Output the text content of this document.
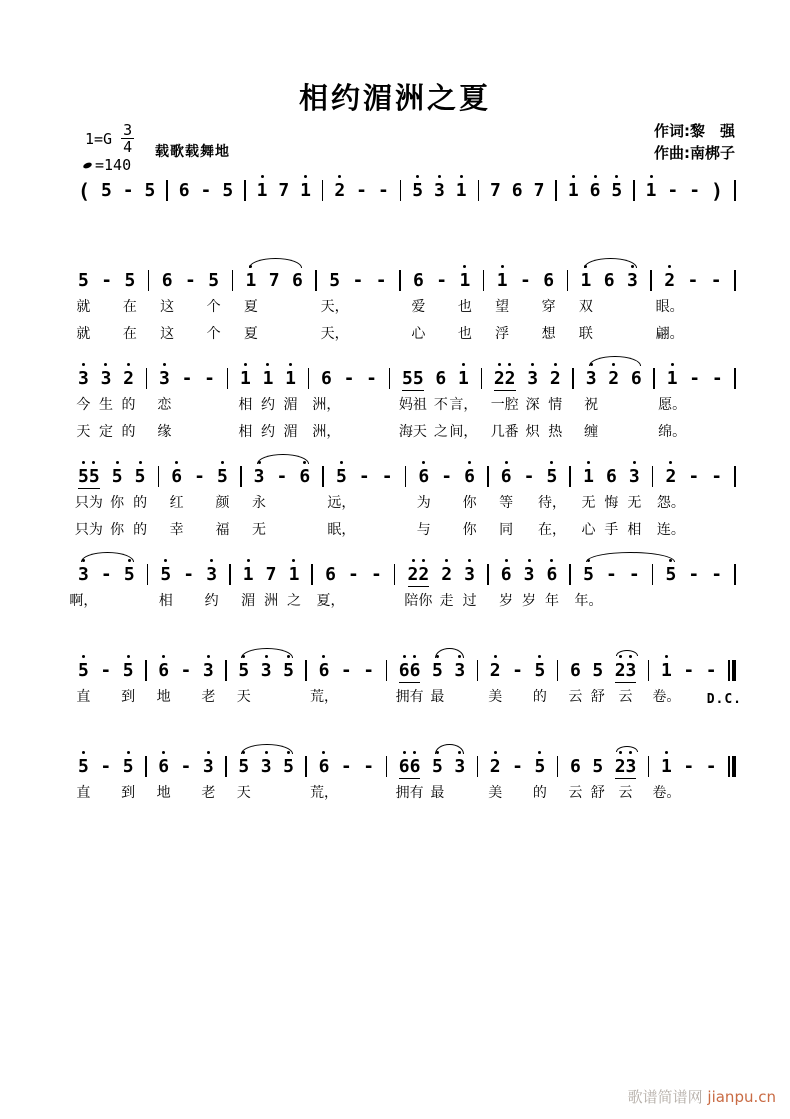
相约湄洲之夏
$1=G \frac{3}{4}$
=140
载歌载舞地
作词:黎　强
作曲:南梆子
( 5 - 5 6 - 5 1 7 1 2 - - 5 3 1 7 6 7 1 6 5 1 - - )
5
就
就
- 5
在
在
6
这
这
- 5
个
个
1
夏
夏
7 6 5
天，
天，
- - 6
爱
心
- 1
也
也
1
望
浮
- 6
穿
想
1
双
联
6 3 2
眼。
翩。
- -
3
今
天
3
生
定
2
的
的
3
恋
缘
- - 1
相
相
1
约
约
1
湄
湄
6
洲，
洲，
- - 55
妈祖
海天
6
不
之
1
言，
间，
22
一腔
几番
3
深
炽
2
情
热
3
祝
缠
2 6 1
愿。
绵。
- -
55
只为
只为
5
你
你
5
的
的
6
红
幸
- 5
颜
福
3
永
无
- 6 5
远，
眠，
- - 6
为
与
- 6
你
你
6
等
同
- 5
待，
在，
1
无
心
6
悔
手
3
无
相
2
怨。
连。
- -
3
啊，
- 5 5
相
- 3
约
1
湄
7
洲
1
之
6
夏，
- - 22
陪你
2
走
3
过
6
岁
3
岁
6
年
5
年。
- - 5 - -
5
直
- 5
到
6
地
- 3
老
5
天
3 5 6
荒，
- - 66
拥有
5
最
3 2
美
- 5
的
6
云
5
舒
23
云
1
卷。
- -
D.C.
5
直
- 5
到
6
地
- 3
老
5
天
3 5 6
荒，
- - 66
拥有
5
最
3 2
美
- 5
的
6
云
5
舒
23
云
1
卷。
- -
歌谱简谱网 jianpu.cn
